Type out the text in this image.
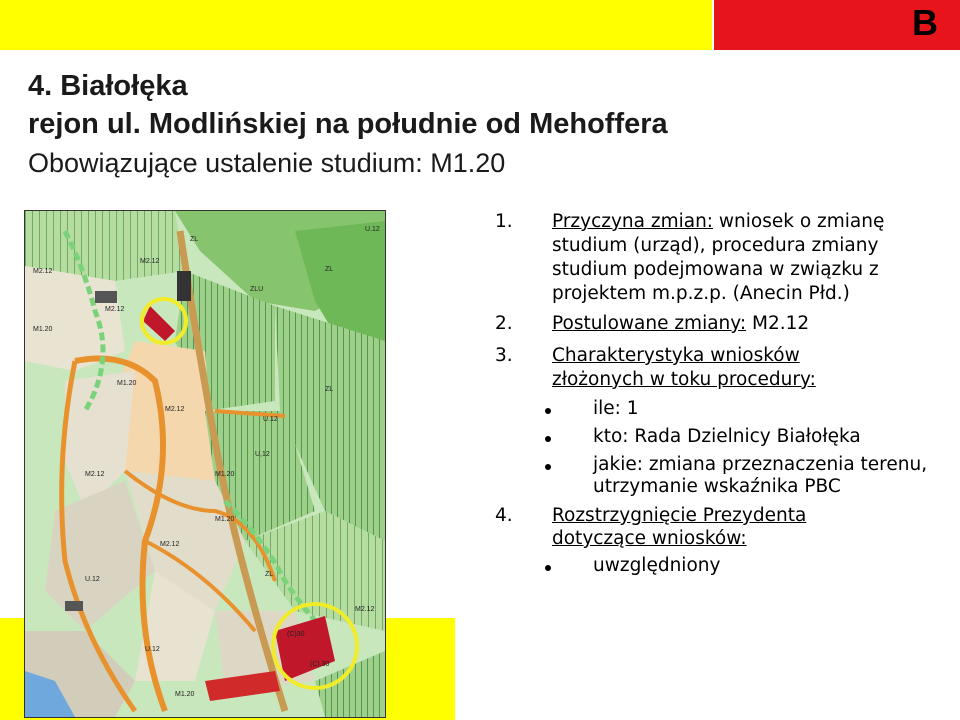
B
4. Białołęka
rejon ul. Modlińskiej na południe od Mehoffera
Obowiązujące ustalenie studium: M1.20
ZL
ZL
ZLU
U.12
M2.12
M1.20
M2.12
M2.12
M1.20
U.12
ZL
M2.12
M1.20
M2.12
U,12
M1.20
M2.12
U.12
(C)30
(C).30
U.12
M1.20
ZL
M2.12
1. Przyczyna zmian: wniosek o zmianę
studium (urząd), procedura zmiany
studium podejmowana w związku z
projektem m.p.z.p. (Anecin Płd.)
2. Postulowane zmiany: M2.12
3. Charakterystyka wniosków
złożonych w toku procedury:
ile: 1
kto: Rada Dzielnicy Białołęka
jakie: zmiana przeznaczenia terenu,
utrzymanie wskaźnika PBC
4. Rozstrzygnięcie Prezydenta
dotyczące wniosków:
uwzględniony
